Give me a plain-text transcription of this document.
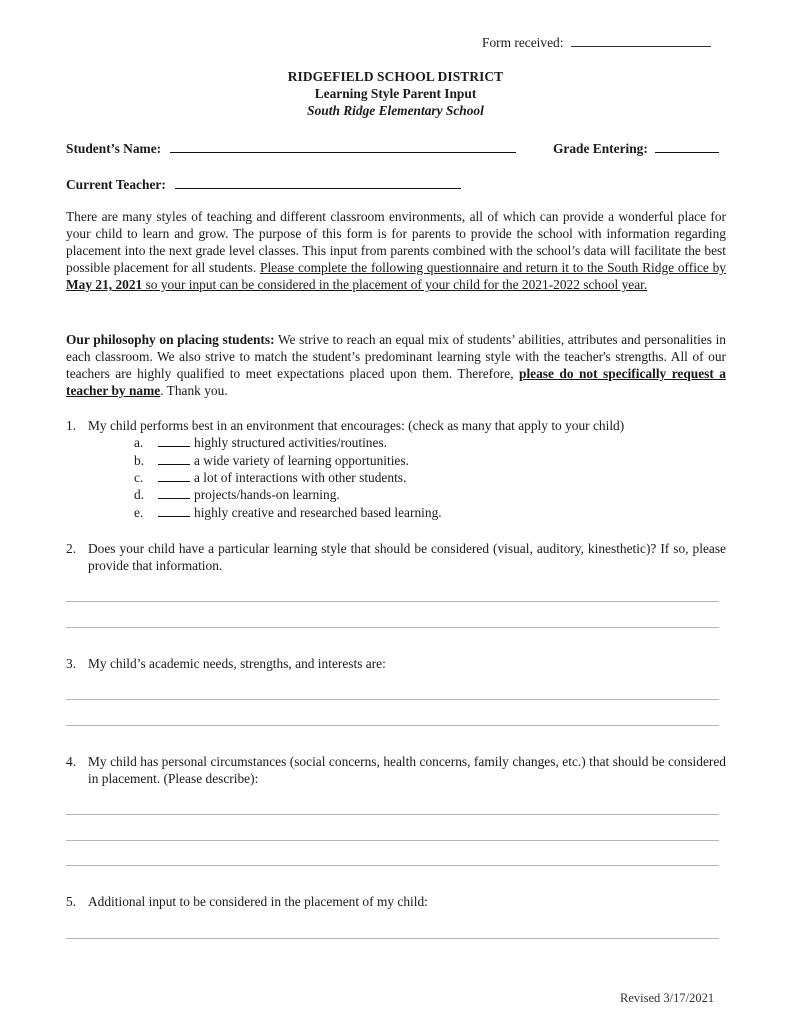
Form received:
RIDGEFIELD SCHOOL DISTRICT
Learning Style Parent Input
South Ridge Elementary School
Student’s Name:	Grade Entering:
Current Teacher:
There are many styles of teaching and different classroom environments, all of which can provide a wonderful place for your child to learn and grow. The purpose of this form is for parents to provide the school with information regarding placement into the next grade level classes. This input from parents combined with the school’s data will facilitate the best possible placement for all students. Please complete the following questionnaire and return it to the South Ridge office by May 21, 2021 so your input can be considered in the placement of your child for the 2021-2022 school year.
Our philosophy on placing students: We strive to reach an equal mix of students’ abilities, attributes and personalities in each classroom. We also strive to match the student’s predominant learning style with the teacher's strengths. All of our teachers are highly qualified to meet expectations placed upon them. Therefore, please do not specifically request a teacher by name. Thank you.
1. My child performs best in an environment that encourages: (check as many that apply to your child)
a.	highly structured activities/routines.
b.	a wide variety of learning opportunities.
c.	a lot of interactions with other students.
d.	projects/hands-on learning.
e.	highly creative and researched based learning.
2. Does your child have a particular learning style that should be considered (visual, auditory, kinesthetic)? If so, please provide that information.
3. My child’s academic needs, strengths, and interests are:
4. My child has personal circumstances (social concerns, health concerns, family changes, etc.) that should be considered in placement. (Please describe):
5. Additional input to be considered in the placement of my child:
Revised 3/17/2021
